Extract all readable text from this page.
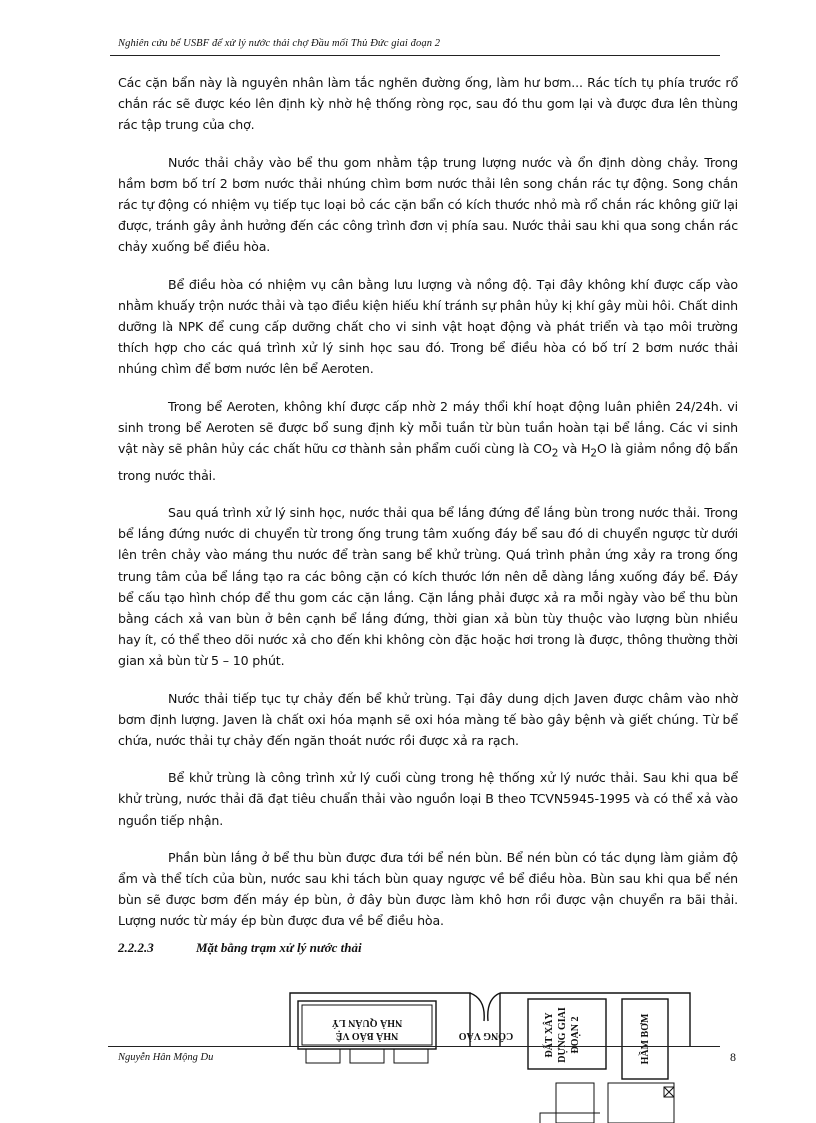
Nghiên cứu bể USBF để xử lý nước thải chợ Đầu mối Thủ Đức giai đoạn 2

Các cặn bẩn này là nguyên nhân làm tắc nghẽn đường ống, làm hư bơm... Rác tích tụ phía trước rổ chắn rác sẽ được kéo lên định kỳ nhờ hệ thống ròng rọc, sau đó thu gom lại và được đưa lên thùng rác tập trung của chợ.

Nước thải chảy vào bể thu gom nhằm tập trung lượng nước và ổn định dòng chảy. Trong hầm bơm bố trí 2 bơm nước thải nhúng chìm bơm nước thải lên song chắn rác tự động. Song chắn rác tự động có nhiệm vụ tiếp tục loại bỏ các cặn bẩn có kích thước nhỏ mà rổ chắn rác không giữ lại được, tránh gây ảnh hưởng đến các công trình đơn vị phía sau. Nước thải sau khi qua song chắn rác chảy xuống bể điều hòa.

Bể điều hòa có nhiệm vụ cân bằng lưu lượng và nồng độ. Tại đây không khí được cấp vào nhằm khuấy trộn nước thải và tạo điều kiện hiếu khí tránh sự phân hủy kị khí gây mùi hôi. Chất dinh dưỡng là NPK để cung cấp dưỡng chất cho vi sinh vật hoạt động và phát triển và tạo môi trường thích hợp cho các quá trình xử lý sinh học sau đó. Trong bể điều hòa có bố trí 2 bơm nước thải nhúng chìm để bơm nước lên bể Aeroten.

Trong bể Aeroten, không khí được cấp nhờ 2 máy thổi khí hoạt động luân phiên 24/24h. vi sinh trong bể Aeroten sẽ được bổ sung định kỳ mỗi tuần từ bùn tuần hoàn tại bể lắng. Các vi sinh vật này sẽ phân hủy các chất hữu cơ thành sản phẩm cuối cùng là $CO_2$ và $H_2O$ là giảm nồng độ bẩn trong nước thải.

Sau quá trình xử lý sinh học, nước thải qua bể lắng đứng để lắng bùn trong nước thải. Trong bể lắng đứng nước di chuyển từ trong ống trung tâm xuống đáy bể sau đó di chuyển ngược từ dưới lên trên chảy vào máng thu nước để tràn sang bể khử trùng. Quá trình phản ứng xảy ra trong ống trung tâm của bể lắng tạo ra các bông cặn có kích thước lớn nên dễ dàng lắng xuống đáy bể. Đáy bể cấu tạo hình chóp để thu gom các cặn lắng. Cặn lắng phải được xả ra mỗi ngày vào bể thu bùn bằng cách xả van bùn ở bên cạnh bể lắng đứng, thời gian xả bùn tùy thuộc vào lượng bùn nhiều hay ít, có thể theo dõi nước xả cho đến khi không còn đặc hoặc hơi trong là được, thông thường thời gian xả bùn từ 5 – 10 phút.

Nước thải tiếp tục tự chảy đến bể khử trùng. Tại đây dung dịch Javen được châm vào nhờ bơm định lượng. Javen là chất oxi hóa mạnh sẽ oxi hóa màng tế bào gây bệnh và giết chúng. Từ bể chứa, nước thải tự chảy đến ngăn thoát nước rồi được xả ra rạch.

Bể khử trùng là công trình xử lý cuối cùng trong hệ thống xử lý nước thải. Sau khi qua bể khử trùng, nước thải đã đạt tiêu chuẩn thải vào nguồn loại B theo TCVN5945-1995 và có thể xả vào nguồn tiếp nhận.

Phần bùn lắng ở bể thu bùn được đưa tới bể nén bùn. Bể nén bùn có tác dụng làm giảm độ ẩm và thể tích của bùn, nước sau khi tách bùn quay ngược về bể điều hòa. Bùn sau khi qua bể nén bùn sẽ được bơm đến máy ép bùn, ở đây bùn được làm khô hơn rồi được vận chuyển ra bãi thải. Lượng nước từ máy ép bùn được đưa về bể điều hòa.

2.2.2.3	Mặt bằng trạm xử lý nước thải
NHÀ QUẢN LÝ
NHÀ BẢO VỆ	CỔNG VÀO	ĐẤT XÂY DỰNG GIAI ĐOẠN 2	HẦM BƠM
Nguyễn Hân Mộng Du	8
